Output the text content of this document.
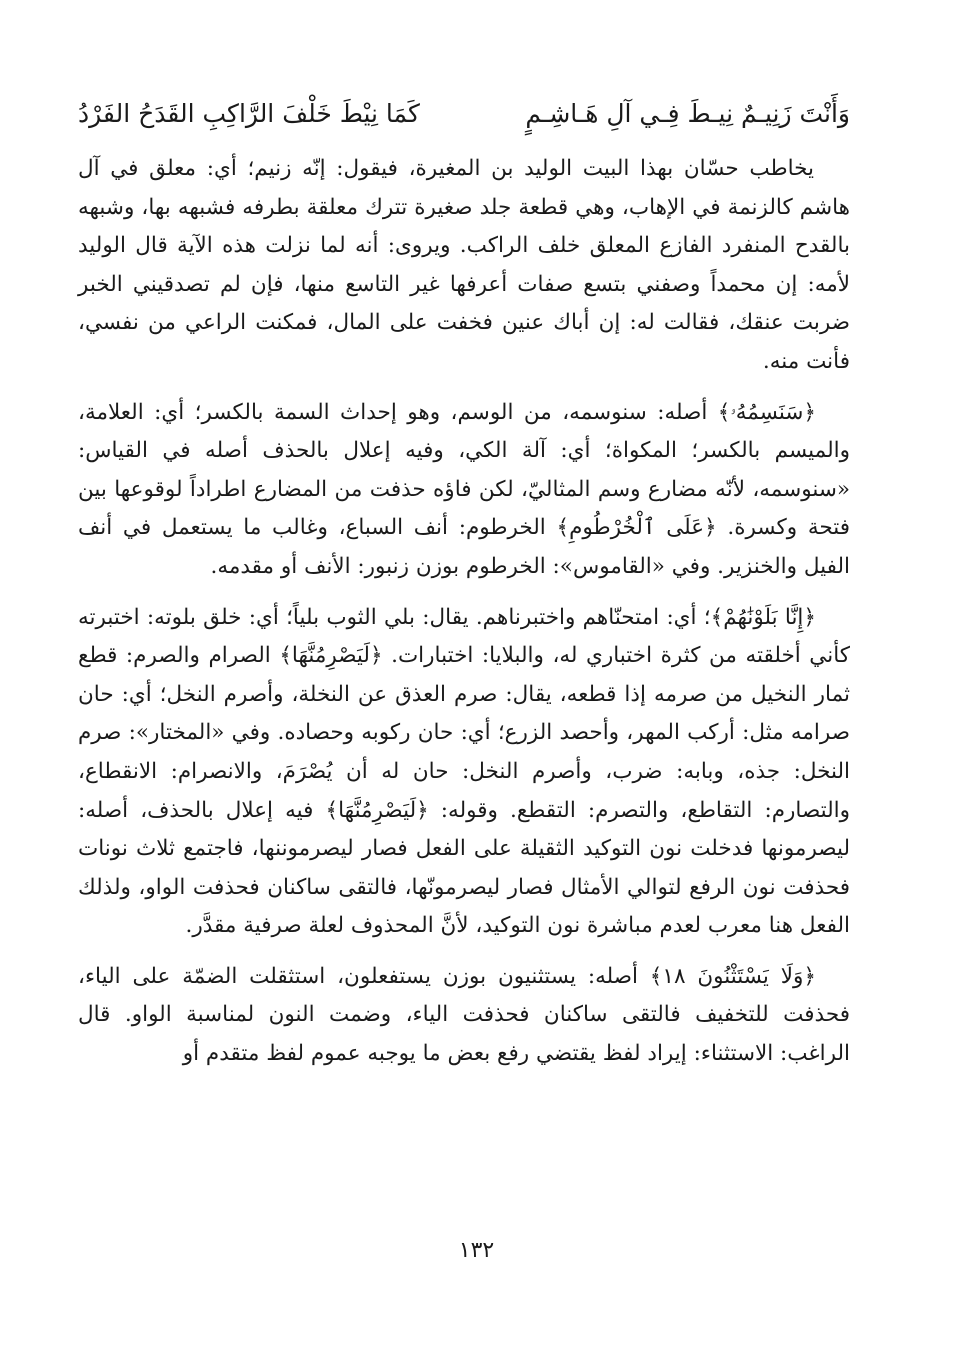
وَأَنْتَ زَنِيـمٌ نِيـطَ فِـي آلِ هَـاشِـمٍ
كَمَا نِيْطَ خَلْفَ الرَّاكِبِ القَدَحُ الفَرْدُ

يخاطب حسّان بهذا البيت الوليد بن المغيرة، فيقول: إنّه زنيم؛ أي: معلق في آل هاشم كالزنمة في الإهاب، وهي قطعة جلد صغيرة تترك معلقة بطرفه فشبهه بها، وشبهه بالقدح المنفرد الفازع المعلق خلف الراكب. ويروى: أنه لما نزلت هذه الآية قال الوليد لأمه: إن محمداً وصفني بتسع صفات أعرفها غير التاسع منها، فإن لم تصدقيني الخبر ضربت عنقك، فقالت له: إن أباك عنين فخفت على المال، فمكنت الراعي من نفسي، فأنت منه.

﴿سَنَسِمُهُۥ﴾ أصله: سنوسمه، من الوسم، وهو إحداث السمة بالكسر؛ أي: العلامة، والميسم بالكسر؛ المكواة؛ أي: آلة الكي، وفيه إعلال بالحذف أصله في القياس: «سنوسمه، لأنّه مضارع وسم المثاليّ، لكن فاؤه حذفت من المضارع اطراداً لوقوعها بين فتحة وكسرة. ﴿عَلَى ٱلْخُرْطُومِ﴾ الخرطوم: أنف السباع، وغالب ما يستعمل في أنف الفيل والخنزير. وفي «القاموس»: الخرطوم بوزن زنبور: الأنف أو مقدمه.

﴿إِنَّا بَلَوْنَٰهُمْ﴾؛ أي: امتحنّاهم واختبرناهم. يقال: بلي الثوب بلياً؛ أي: خلق بلوته: اختبرته كأني أخلقته من كثرة اختباري له، والبلايا: اختبارات. ﴿لَيَصْرِمُنَّهَا﴾ الصرام والصرم: قطع ثمار النخيل من صرمه إذا قطعه، يقال: صرم العذق عن النخلة، وأصرم النخل؛ أي: حان صرامه مثل: أركب المهر، وأحصد الزرع؛ أي: حان ركوبه وحصاده. وفي «المختار»: صرم النخل: جذه، وبابه: ضرب، وأصرم النخل: حان له أن يُصْرَمَ، والانصرام: الانقطاع، والتصارم: التقاطع، والتصرم: التقطع. وقوله: ﴿لَيَصْرِمُنَّهَا﴾ فيه إعلال بالحذف، أصله: ليصرمونها فدخلت نون التوكيد الثقيلة على الفعل فصار ليصرموننها، فاجتمع ثلاث نونات فحذفت نون الرفع لتوالي الأمثال فصار ليصرمونّها، فالتقى ساكنان فحذفت الواو، ولذلك الفعل هنا معرب لعدم مباشرة نون التوكيد، لأنَّ المحذوف لعلة صرفية مقدَّر.

﴿وَلَا يَسْتَثْنُونَ ١٨﴾ أصله: يستثنيون بوزن يستفعلون، استثقلت الضمّة على الياء، فحذفت للتخفيف فالتقى ساكنان فحذفت الياء، وضمت النون لمناسبة الواو. قال الراغب: الاستثناء: إيراد لفظ يقتضي رفع بعض ما يوجبه عموم لفظ متقدم أو

١٣٢
